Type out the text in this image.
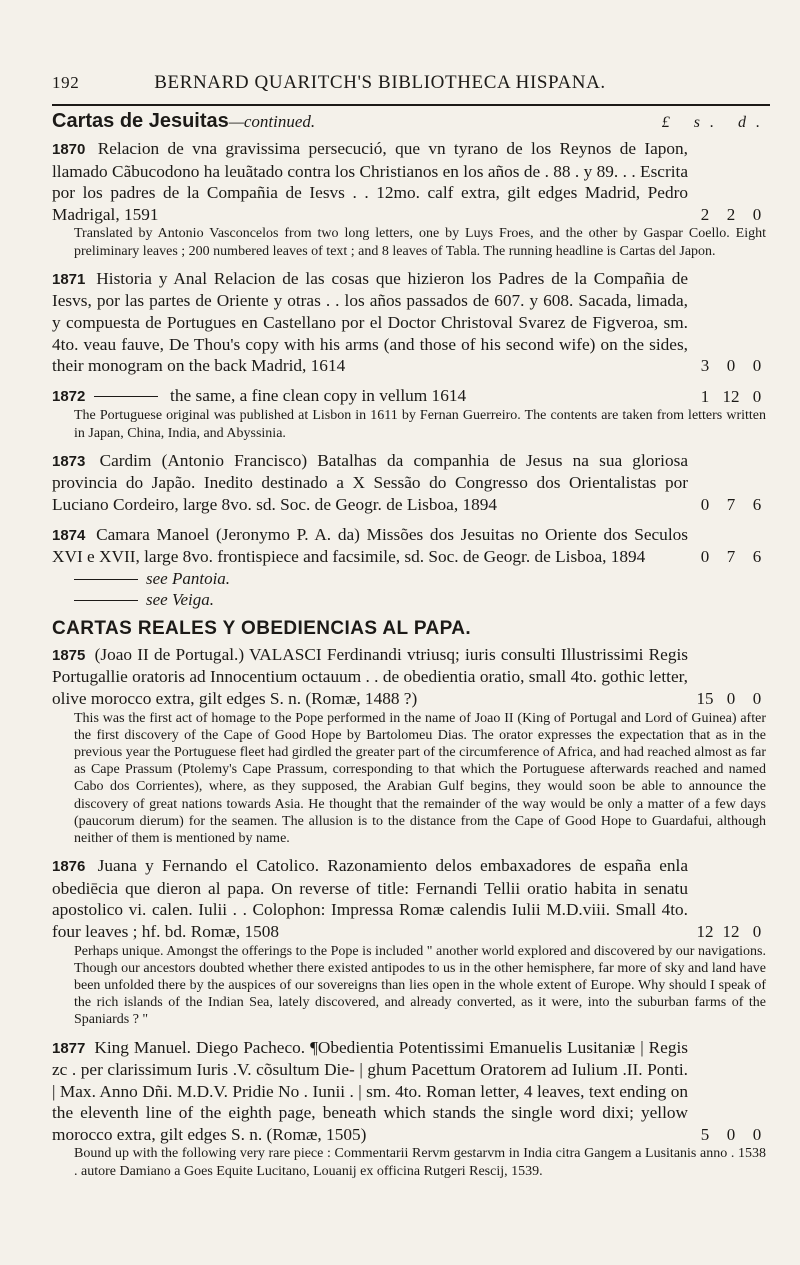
192	BERNARD QUARITCH'S BIBLIOTHECA HISPANA.
Cartas de Jesuitas—continued.	£ s. d.
1870 Relacion de vna gravissima persecució, que vn tyrano de los Reynos de Iapon, llamado Cãbucodono ha leuãtado contra los Christianos en los años de . 88 . y 89. . . Escrita por los padres de la Compañia de Iesvs . . 12mo. calf extra, gilt edges Madrid, Pedro Madrigal, 1591	2	2	0
Translated by Antonio Vasconcelos from two long letters, one by Luys Froes, and the other by Gaspar Coello. Eight preliminary leaves ; 200 numbered leaves of text ; and 8 leaves of Tabla. The running headline is Cartas del Japon.
1871 Historia y Anal Relacion de las cosas que hizieron los Padres de la Compañia de Iesvs, por las partes de Oriente y otras . . los años passados de 607. y 608. Sacada, limada, y compuesta de Portugues en Castellano por el Doctor Christoval Svarez de Figveroa, sm. 4to. veau fauve, De Thou's copy with his arms (and those of his second wife) on the sides, their monogram on the back Madrid, 1614	3	0	0
1872	the same, a fine clean copy in vellum 1614	1 12 0
The Portuguese original was published at Lisbon in 1611 by Fernan Guerreiro. The contents are taken from letters written in Japan, China, India, and Abyssinia.
1873 Cardim (Antonio Francisco) Batalhas da companhia de Jesus na sua gloriosa provincia do Japão. Inedito destinado a X Sessão do Congresso dos Orientalistas por Luciano Cordeiro, large 8vo. sd. Soc. de Geogr. de Lisboa, 1894	0	7	6
1874 Camara Manoel (Jeronymo P. A. da) Missões dos Jesuitas no Oriente dos Seculos XVI e XVII, large 8vo. frontispiece and facsimile, sd. Soc. de Geogr. de Lisboa, 1894	0	7	6
see Pantoia.
see Veiga.
CARTAS REALES Y OBEDIENCIAS AL PAPA.
1875 (Joao II de Portugal.) VALASCI Ferdinandi vtriusq; iuris consulti Illustrissimi Regis Portugallie oratoris ad Innocentium octauum . . de obedientia oratio, small 4to. gothic letter, olive morocco extra, gilt edges S. n. (Romæ, 1488 ?)	15 0	0
This was the first act of homage to the Pope performed in the name of Joao II (King of Portugal and Lord of Guinea) after the first discovery of the Cape of Good Hope by Bartolomeu Dias. The orator expresses the expectation that as in the previous year the Portuguese fleet had girdled the greater part of the circumference of Africa, and had reached almost as far as Cape Prassum (Ptolemy's Cape Prassum, corresponding to that which the Portuguese afterwards reached and named Cabo dos Corrientes), where, as they supposed, the Arabian Gulf begins, they would soon be able to announce the discovery of great nations towards Asia. He thought that the remainder of the way would be only a matter of a few days (paucorum dierum) for the seamen. The allusion is to the distance from the Cape of Good Hope to Guardafui, although neither of them is mentioned by name.
1876 Juana y Fernando el Catolico. Razonamiento delos embaxadores de españa enla obediēcia que dieron al papa. On reverse of title: Fernandi Tellii oratio habita in senatu apostolico vi. calen. Iulii . . Colophon: Impressa Romæ calendis Iulii M.D.viii. Small 4to. four leaves ; hf. bd. Romæ, 1508	12 12 0
Perhaps unique. Amongst the offerings to the Pope is included " another world explored and discovered by our navigations. Though our ancestors doubted whether there existed antipodes to us in the other hemisphere, far more of sky and land have been unfolded there by the auspices of our sovereigns than lies open in the whole extent of Europe. Why should I speak of the rich islands of the Indian Sea, lately discovered, and already converted, as it were, into the suburban farms of the Spaniards ? "
1877 King Manuel. Diego Pacheco. ¶Obedientia Potentissimi Emanuelis Lusitaniæ | Regis zc . per clarissimum Iuris .V. cõsultum Die- | ghum Pacettum Oratorem ad Iulium .II. Ponti. | Max. Anno Dñi. M.D.V. Pridie No . Iunii . | sm. 4to. Roman letter, 4 leaves, text ending on the eleventh line of the eighth page, beneath which stands the single word dixi; yellow morocco extra, gilt edges S. n. (Romæ, 1505)	5	0	0
Bound up with the following very rare piece : Commentarii Rervm gestarvm in India citra Gangem a Lusitanis anno . 1538 . autore Damiano a Goes Equite Lucitano, Louanij ex officina Rutgeri Rescij, 1539.
